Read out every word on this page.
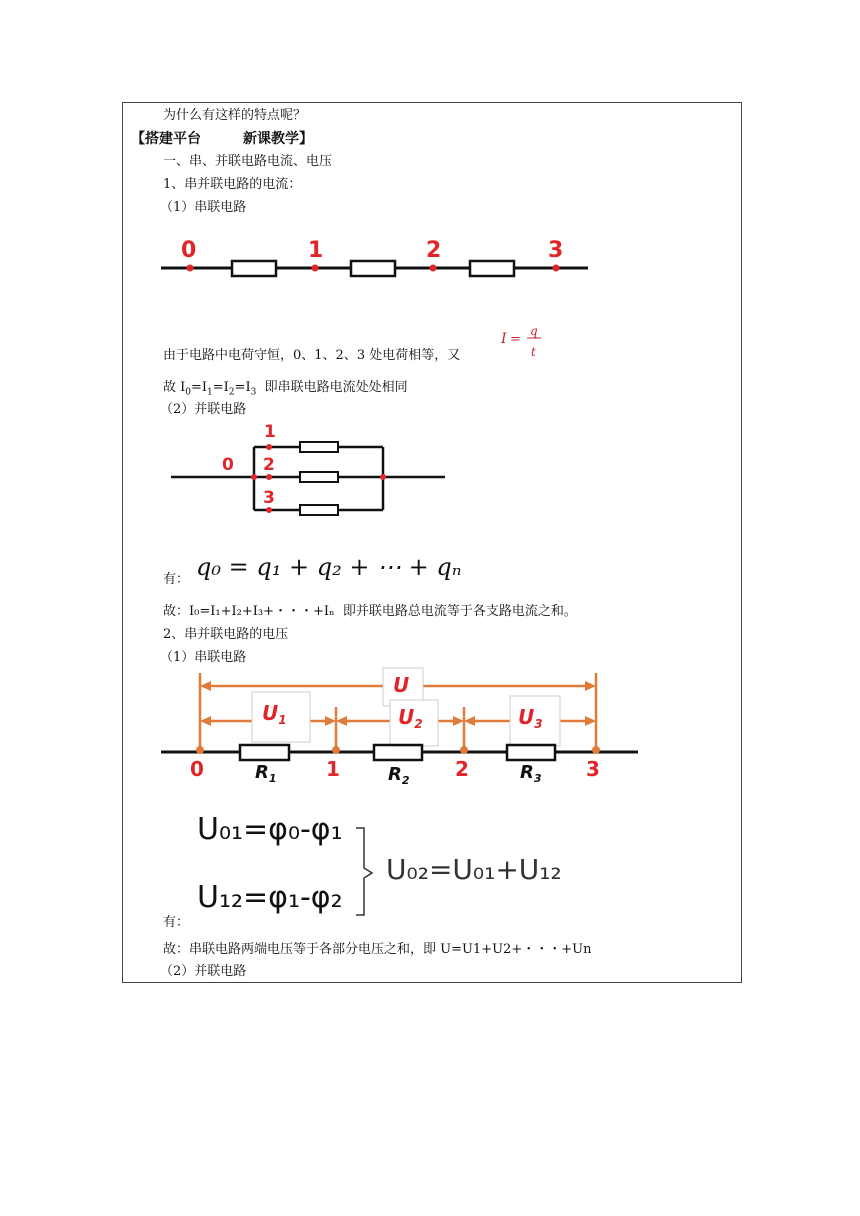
为什么有这样的特点呢？
【搭建平台	新课教学】
一、串、并联电路电流、电压
1、串并联电路的电流：
（1）串联电路
0	1	2	3
I =
q
t
由于电路中电荷守恒，0、1、2、3 处电荷相等，又
故 $I_0=I_1=I_2=I_3$ 即串联电路电流处处相同
（2）并联电路
0
1
2
3
有： q₀ = q₁ + q₂ + ⋯ + qₙ
故：I₀=I₁+I₂+I₃+・・・+Iₙ 即并联电路总电流等于各支路电流之和。
2、串并联电路的电压
（1）串联电路
U
$U_1$	$U_2$	$U_3$
0	1	2	3
$R_1$	$R_2$	$R_3$
U₀₁=φ₀-φ₁
U₁₂=φ₁-φ₂
U₀₂=U₀₁+U₁₂
有：
故：串联电路两端电压等于各部分电压之和，即 U=U1+U2+・・・+Un
（2）并联电路
